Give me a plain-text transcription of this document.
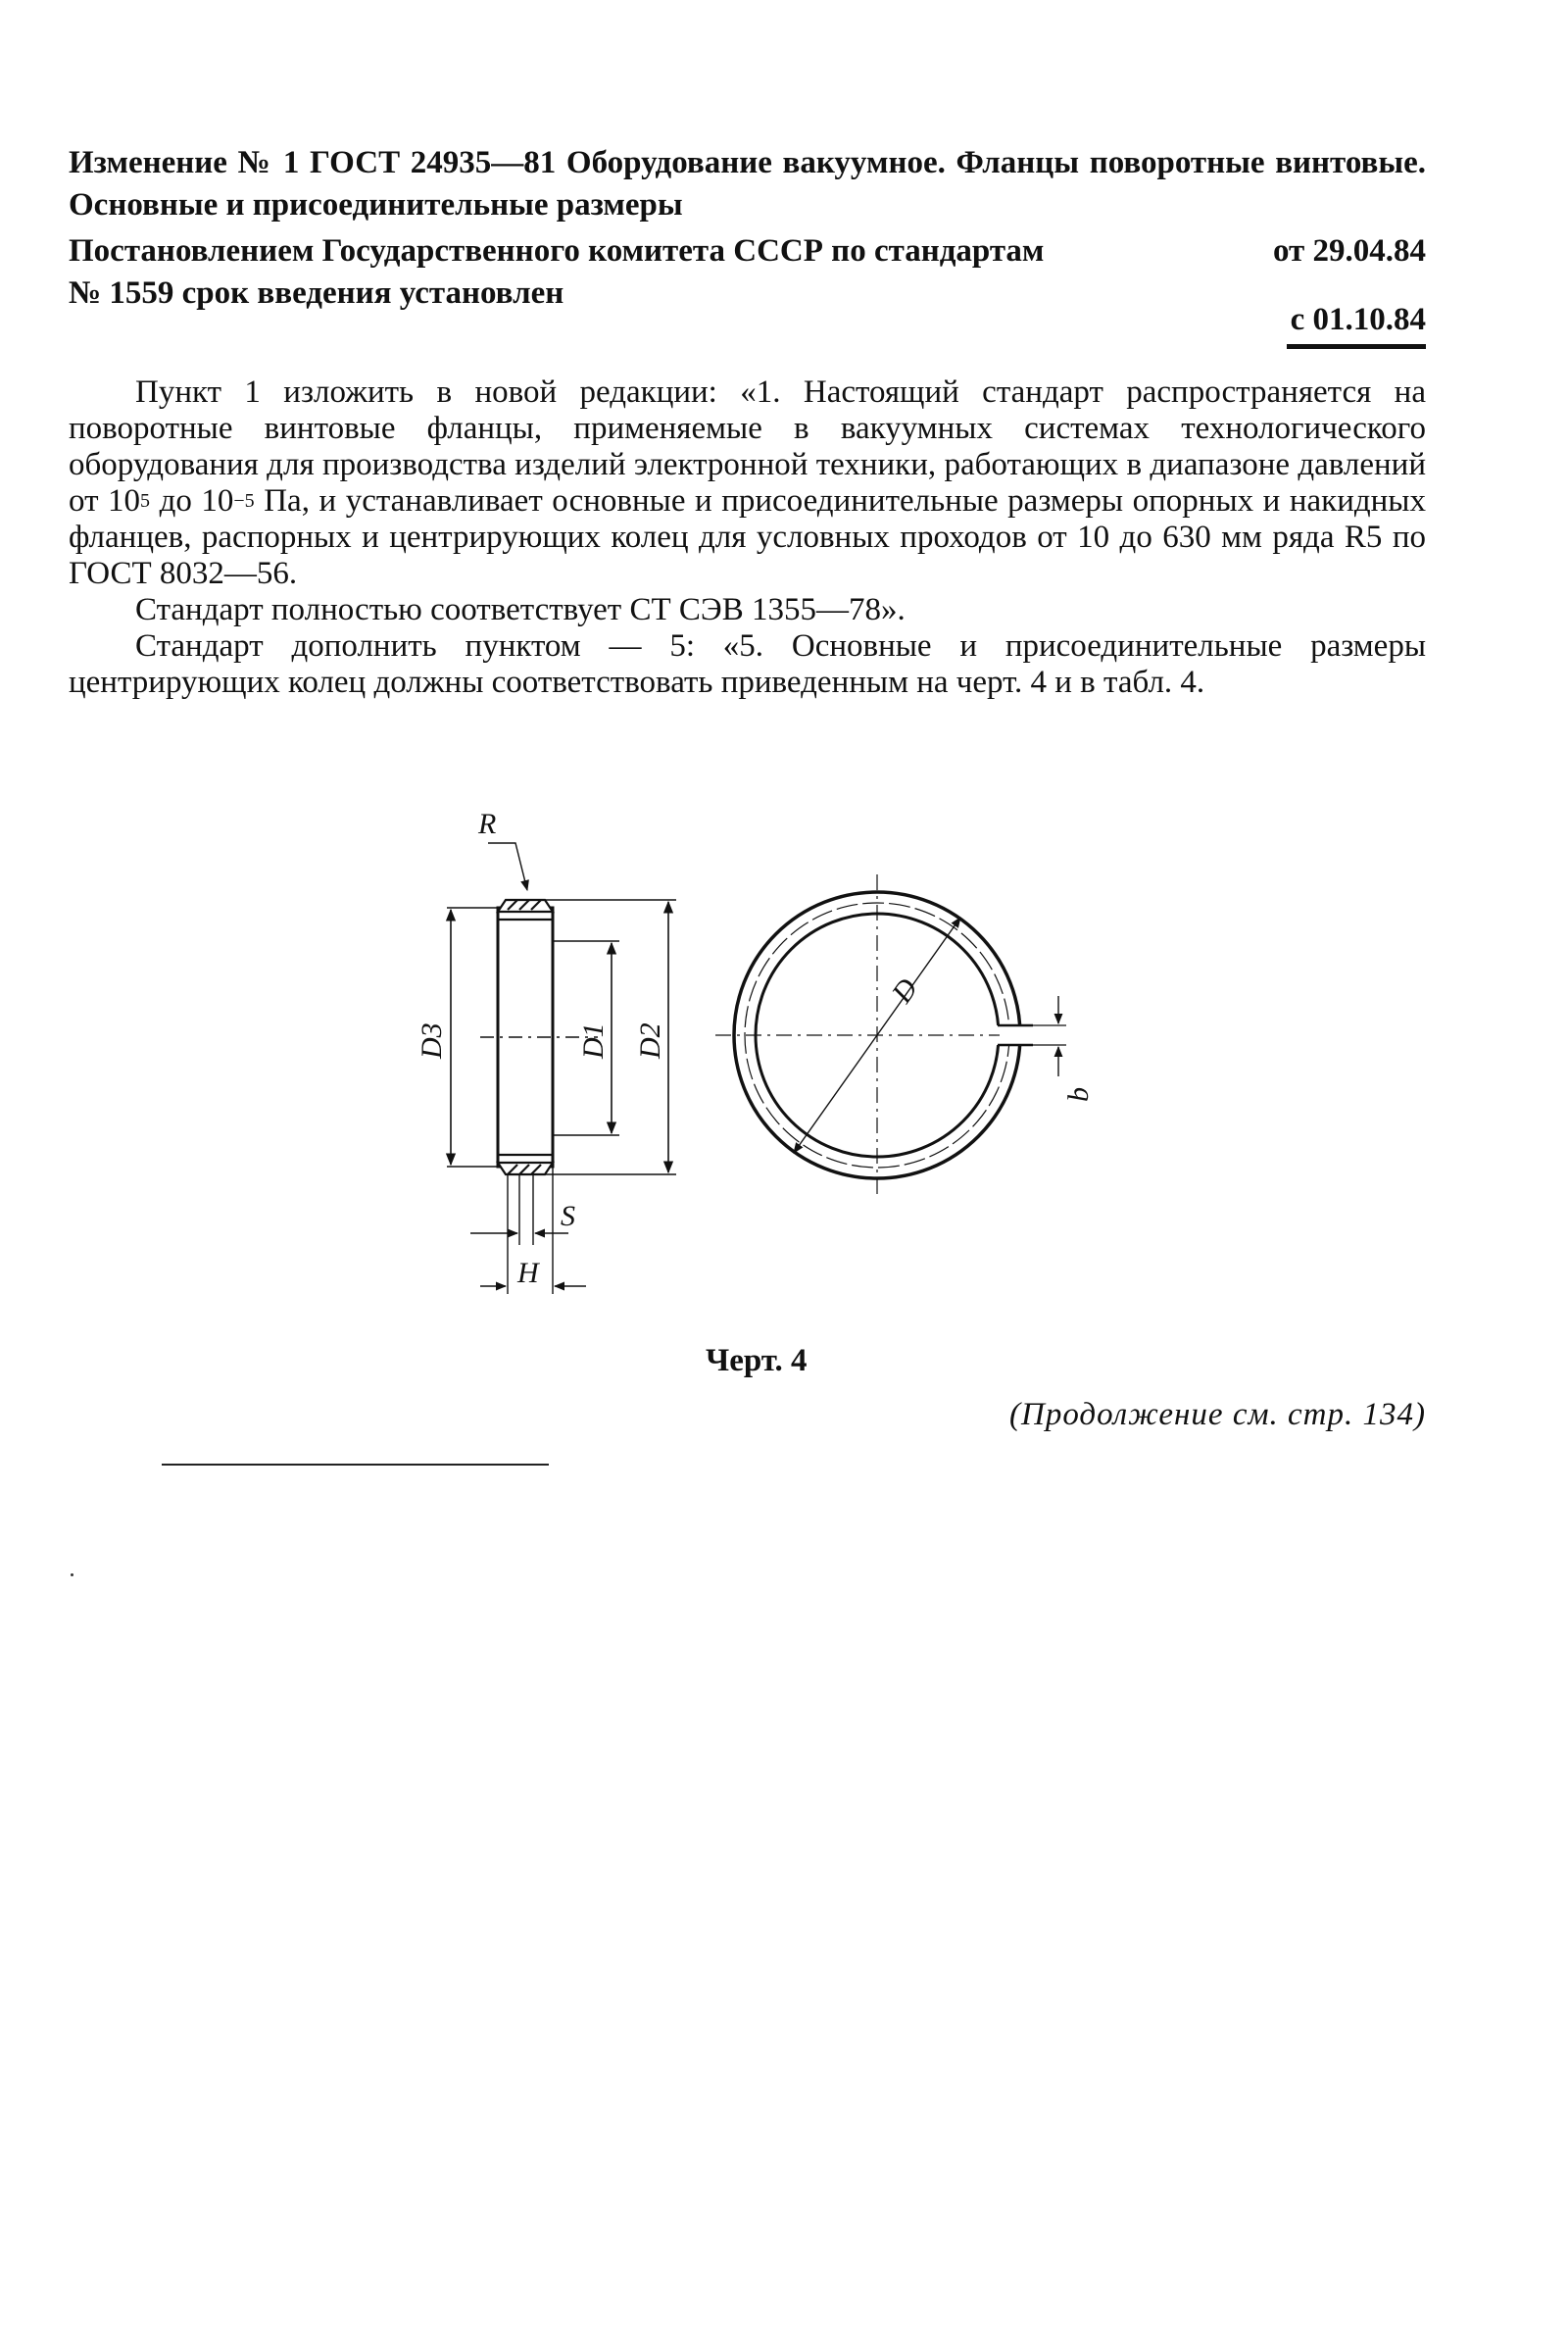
Изменение № 1 ГОСТ 24935—81 Оборудование вакуумное. Фланцы поворотные винтовые. Основные и присоединительные размеры
Постановлением Государственного комитета СССР по стандартам	от 29.04.84
№ 1559 срок введения установлен
с 01.10.84

Пункт 1 изложить в новой редакции: «1. Настоящий стандарт распространяется на поворотные винтовые фланцы, применяемые в вакуумных системах технологического оборудования для производства изделий электронной техники, работающих в диапазоне давлений от $10^5$ до $10^{-5}$ Па, и устанавливает основные и присоединительные размеры опорных и накидных фланцев, распорных и центрирующих колец для условных проходов от 10 до 630 мм ряда R5 по ГОСТ 8032—56.

Стандарт полностью соответствует СТ СЭВ 1355—78».

Стандарт дополнить пунктом — 5: «5. Основные и присоединительные размеры центрирующих колец должны соответствовать приведенным на черт. 4 и в табл. 4.

R
D3	D1 D2
D
b
S
H
Черт. 4
(Продолжение см. стр. 134)
